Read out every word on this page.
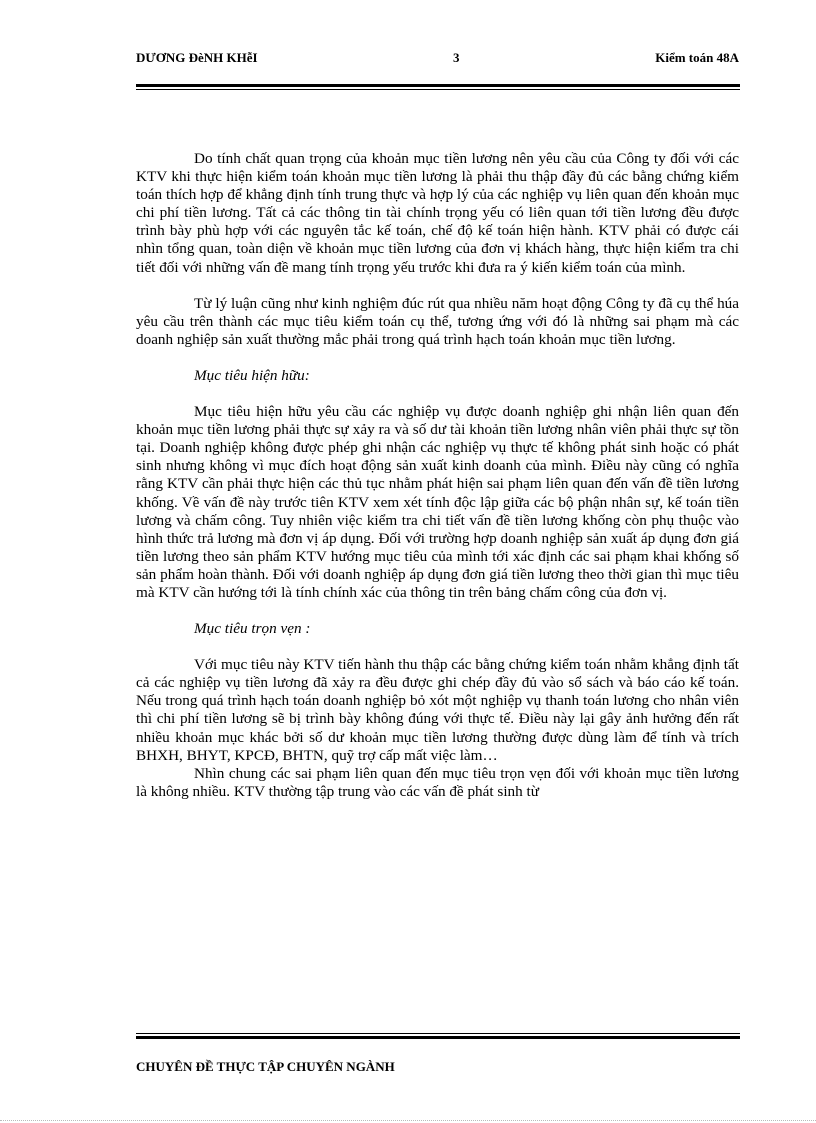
DƯƠNG ĐèNH KHễI	3	Kiểm toán 48A

Do tính chất quan trọng của khoản mục tiền lương nên yêu cầu của Công ty đối với các KTV khi thực hiện kiểm toán khoản mục tiền lương là phải thu thập đầy đủ các bằng chứng kiểm toán thích hợp để khẳng định tính trung thực và hợp lý của các nghiệp vụ liên quan đến khoản mục chi phí tiền lương. Tất cả các thông tin tài chính trọng yếu có liên quan tới tiền lương đều được trình bày phù hợp với các nguyên tắc kế toán, chế độ kế toán hiện hành. KTV phải có được cái nhìn tổng quan, toàn diện về khoản mục tiền lương của đơn vị khách hàng, thực hiện kiểm tra chi tiết đối với những vấn đề mang tính trọng yếu trước khi đưa ra ý kiến kiểm toán của mình.

Từ lý luận cũng như kinh nghiệm đúc rút qua nhiều năm hoạt động Công ty đã cụ thể húa yêu cầu trên thành các mục tiêu kiểm toán cụ thể, tương ứng với đó là những sai phạm mà các doanh nghiệp sản xuất thường mắc phải trong quá trình hạch toán khoản mục tiền lương.

Mục tiêu hiện hữu:

Mục tiêu hiện hữu yêu cầu các nghiệp vụ được doanh nghiệp ghi nhận liên quan đến khoản mục tiền lương phải thực sự xảy ra và số dư tài khoản tiền lương nhân viên phải thực sự tồn tại. Doanh nghiệp không được phép ghi nhận các nghiệp vụ thực tế không phát sinh hoặc có phát sinh nhưng không vì mục đích hoạt động sản xuất kinh doanh của mình. Điều này cũng có nghĩa rằng KTV cần phải thực hiện các thủ tục nhằm phát hiện sai phạm liên quan đến vấn đề tiền lương khống. Về vấn đề này trước tiên KTV xem xét tính độc lập giữa các bộ phận nhân sự, kế toán tiền lương và chấm công. Tuy nhiên việc kiểm tra chi tiết vấn đề tiền lương khống còn phụ thuộc vào hình thức trả lương mà đơn vị áp dụng. Đối với trường hợp doanh nghiệp sản xuất áp dụng đơn giá tiền lương theo sản phẩm KTV hướng mục tiêu của mình tới xác định các sai phạm khai khống số sản phẩm hoàn thành. Đối với doanh nghiệp áp dụng đơn giá tiền lương theo thời gian thì mục tiêu mà KTV cần hướng tới là tính chính xác của thông tin trên bảng chấm công của đơn vị.

Mục tiêu trọn vẹn :

Với mục tiêu này KTV tiến hành thu thập các bằng chứng kiểm toán nhằm khẳng định tất cả các nghiệp vụ tiền lương đã xảy ra đều được ghi chép đầy đủ vào sổ sách và báo cáo kế toán. Nếu trong quá trình hạch toán doanh nghiệp bỏ xót một nghiệp vụ thanh toán lương cho nhân viên thì chi phí tiền lương sẽ bị trình bày không đúng với thực tế. Điều này lại gây ảnh hưởng đến rất nhiều khoản mục khác bởi số dư khoản mục tiền lương thường được dùng làm để tính và trích BHXH, BHYT, KPCĐ, BHTN, quỹ trợ cấp mất việc làm…

Nhìn chung các sai phạm liên quan đến mục tiêu trọn vẹn đối với khoản mục tiền lương là không nhiều. KTV thường tập trung vào các vấn đề phát sinh từ

CHUYÊN ĐỀ THỰC TẬP CHUYÊN NGÀNH
